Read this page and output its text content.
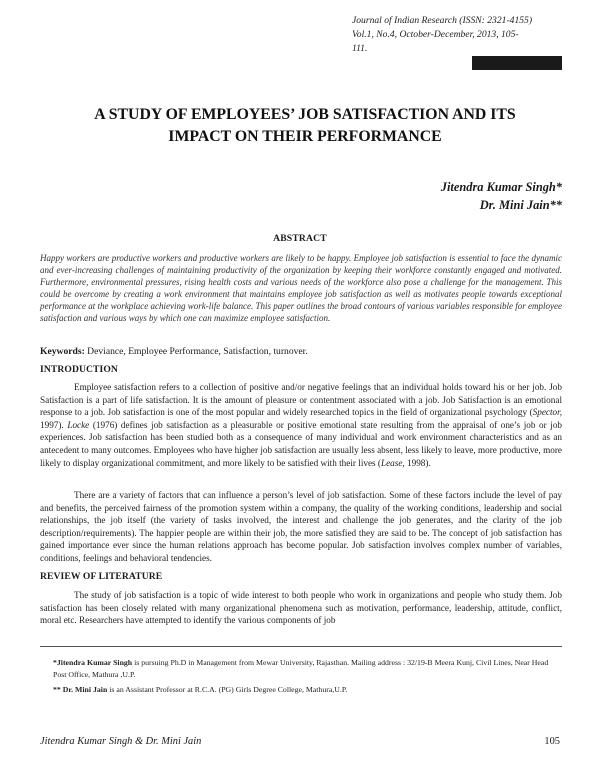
Journal of Indian Research (ISSN: 2321-4155)
Vol.1, No.4, October-December, 2013, 105-
111.
A STUDY OF EMPLOYEES’ JOB SATISFACTION AND ITS
IMPACT ON THEIR PERFORMANCE
Jitendra Kumar Singh*
Dr. Mini Jain**
ABSTRACT
Happy workers are productive workers and productive workers are likely to be happy. Employee job satisfaction is essential to face the dynamic and ever-increasing challenges of maintaining productivity of the organization by keeping their workforce constantly engaged and motivated. Furthermore, environmental pressures, rising health costs and various needs of the workforce also pose a challenge for the management. This could be overcome by creating a work environment that maintains employee job satisfaction as well as motivates people towards exceptional performance at the workplace achieving work-life balance. This paper outlines the broad contours of various variables responsible for employee satisfaction and various ways by which one can maximize employee satisfaction.
Keywords: Deviance, Employee Performance, Satisfaction, turnover.
INTRODUCTION
Employee satisfaction refers to a collection of positive and/or negative feelings that an individual holds toward his or her job. Job Satisfaction is a part of life satisfaction. It is the amount of pleasure or contentment associated with a job. Job Satisfaction is an emotional response to a job. Job satisfaction is one of the most popular and widely researched topics in the field of organizational psychology (Spector, 1997). Locke (1976) defines job satisfaction as a pleasurable or positive emotional state resulting from the appraisal of one’s job or job experiences. Job satisfaction has been studied both as a consequence of many individual and work environment characteristics and as an antecedent to many outcomes. Employees who have higher job satisfaction are usually less absent, less likely to leave, more productive, more likely to display organizational commitment, and more likely to be satisfied with their lives (Lease, 1998).
There are a variety of factors that can influence a person’s level of job satisfaction. Some of these factors include the level of pay and benefits, the perceived fairness of the promotion system within a company, the quality of the working conditions, leadership and social relationships, the job itself (the variety of tasks involved, the interest and challenge the job generates, and the clarity of the job description/requirements). The happier people are within their job, the more satisfied they are said to be. The concept of job satisfaction has gained importance ever since the human relations approach has become popular. Job satisfaction involves complex number of variables, conditions, feelings and behavioral tendencies.
REVIEW OF LITERATURE
The study of job satisfaction is a topic of wide interest to both people who work in organizations and people who study them. Job satisfaction has been closely related with many organizational phenomena such as motivation, performance, leadership, attitude, conflict, moral etc. Researchers have attempted to identify the various components of job
*Jitendra Kumar Singh is pursuing Ph.D in Management from Mewar University, Rajasthan. Mailing address : 32/19-B Meera Kunj, Civil Lines, Near Head Post Office, Mathura ,U.P.
** Dr. Mini Jain is an Assistant Professor at R.C.A. (PG) Girls Degree College, Mathura,U.P.
Jitendra Kumar Singh & Dr. Mini Jain	105
